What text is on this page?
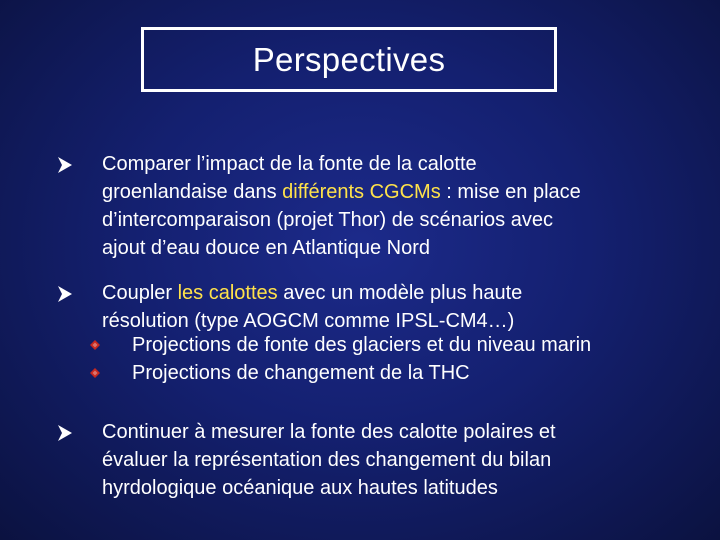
Perspectives
Comparer l’impact de la fonte de la calotte
groenlandaise dans différents CGCMs : mise en place
d’intercomparaison (projet Thor) de scénarios avec
ajout d’eau douce en Atlantique Nord
Coupler les calottes avec un modèle plus haute
résolution (type AOGCM comme IPSL-CM4…)
Projections de fonte des glaciers et du niveau marin
Projections de changement de la THC
Continuer à mesurer la fonte des calotte polaires et
évaluer la représentation des changement du bilan
hyrdologique océanique aux hautes latitudes
